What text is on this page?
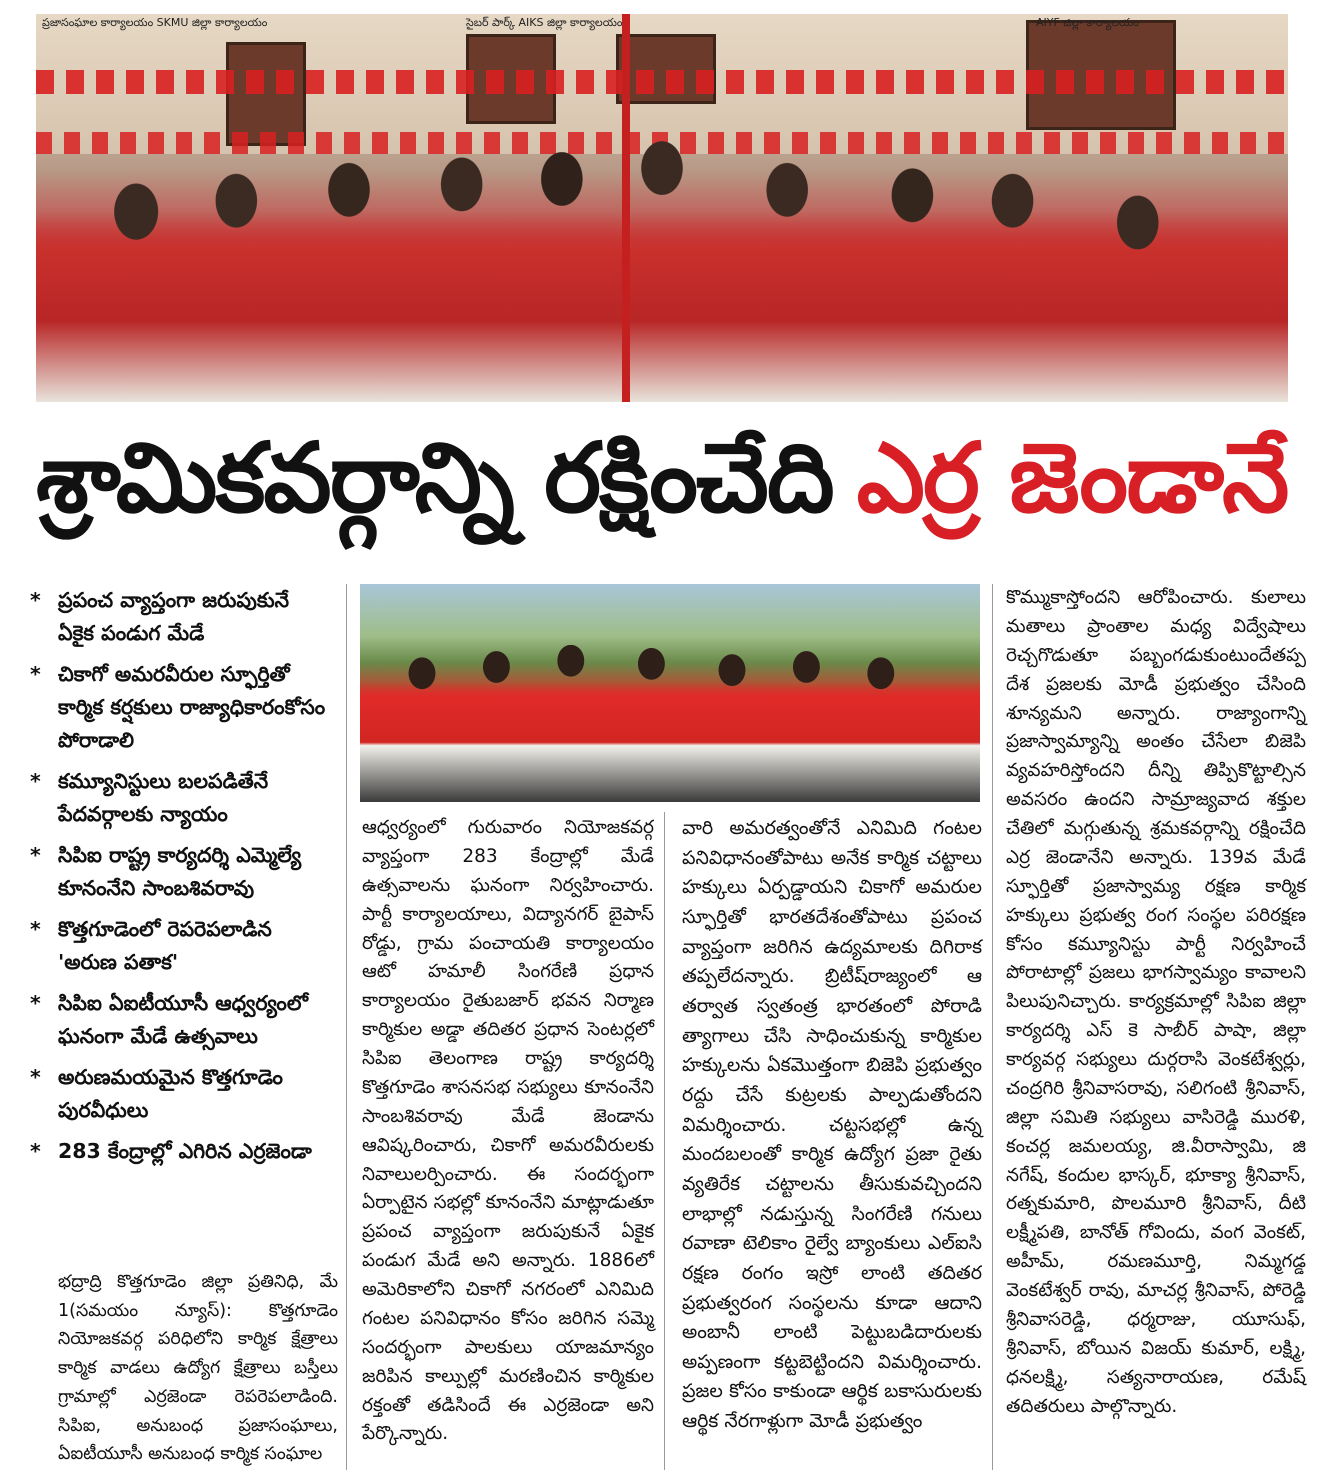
ప్రజాసంఘాల కార్యాలయం SKMU జిల్లా కార్యాలయం	సైబర్ పార్క్ AIKS జిల్లా కార్యాలయం	AIYF జిల్లా కార్యాలయం
శ్రామికవర్గాన్ని రక్షించేది ఎర్ర జెండానే
* ప్రపంచ వ్యాప్తంగా జరుపుకునే ఏకైక పండుగ మేడే
* చికాగో అమరవీరుల స్ఫూర్తితో కార్మిక కర్షకులు రాజ్యాధికారంకోసం పోరాడాలి
* కమ్యూనిస్టులు బలపడితేనే పేదవర్గాలకు న్యాయం
* సిపిఐ రాష్ట్ర కార్యదర్శి ఎమ్మెల్యే కూనంనేని సాంబశివరావు
* కొత్తగూడెంలో రెపరెపలాడిన 'అరుణ పతాక'
* సిపిఐ ఏఐటీయూసీ ఆధ్వర్యంలో ఘనంగా మేడే ఉత్సవాలు
* అరుణమయమైన కొత్తగూడెం పురవీధులు
* 283 కేంద్రాల్లో ఎగిరిన ఎర్రజెండా

భద్రాద్రి కొత్తగూడెం జిల్లా ప్రతినిధి, మే 1(సమయం న్యూస్): కొత్తగూడెం నియోజకవర్గ పరిధిలోని కార్మిక క్షేత్రాలు కార్మిక వాడలు ఉద్యోగ క్షేత్రాలు బస్తీలు గ్రామాల్లో ఎర్రజెండా రెపరెపలాడింది. సిపిఐ, అనుబంధ ప్రజాసంఘాలు, ఏఐటీయూసీ అనుబంధ కార్మిక సంఘాల

ఆధ్వర్యంలో గురువారం నియోజకవర్గ వ్యాప్తంగా 283 కేంద్రాల్లో మేడే ఉత్సవాలను ఘనంగా నిర్వహించారు. పార్టీ కార్యాలయాలు, విద్యానగర్ బైపాస్ రోడ్డు, గ్రామ పంచాయతి కార్యాలయం ఆటో హమాలీ సింగరేణి ప్రధాన కార్యాలయం రైతుబజార్ భవన నిర్మాణ కార్మికుల అడ్డా తదితర ప్రధాన సెంటర్లలో సిపిఐ తెలంగాణ రాష్ట్ర కార్యదర్శి కొత్తగూడెం శాసనసభ సభ్యులు కూనంనేని సాంబశివరావు మేడే జెండాను ఆవిష్కరించారు, చికాగో అమరవీరులకు నివాలులర్పించారు. ఈ సందర్భంగా ఏర్పాటైన సభల్లో కూనంనేని మాట్లాడుతూ ప్రపంచ వ్యాప్తంగా జరుపుకునే ఏకైక పండుగ మేడే అని అన్నారు. 1886లో అమెరికాలోని చికాగో నగరంలో ఎనిమిది గంటల పనివిధానం కోసం జరిగిన సమ్మె సందర్భంగా పాలకులు యాజమాన్యం జరిపిన కాల్పుల్లో మరణించిన కార్మికుల రక్తంతో తడిసిందే ఈ ఎర్రజెండా అని పేర్కొన్నారు.

వారి అమరత్వంతోనే ఎనిమిది గంటల పనివిధానంతోపాటు అనేక కార్మిక చట్టాలు హక్కులు ఏర్పడ్డాయని చికాగో అమరుల స్ఫూర్తితో భారతదేశంతోపాటు ప్రపంచ వ్యాప్తంగా జరిగిన ఉద్యమాలకు దిగిరాక తప్పలేదన్నారు. బ్రిటీష్‌రాజ్యంలో ఆ తర్వాత స్వతంత్ర భారతంలో పోరాడి త్యాగాలు చేసి సాధించుకున్న కార్మికుల హక్కులను ఏకమొత్తంగా బిజెపి ప్రభుత్వం రద్దు చేసే కుట్రలకు పాల్పడుతోందని విమర్శించారు. చట్టసభల్లో ఉన్న మందబలంతో కార్మిక ఉద్యోగ ప్రజా రైతు వ్యతిరేక చట్టాలను తీసుకువచ్చిందని లాభాల్లో నడుస్తున్న సింగరేణి గనులు రవాణా టెలికాం రైల్వే బ్యాంకులు ఎల్ఐసి రక్షణ రంగం ఇస్రో లాంటి తదితర ప్రభుత్వరంగ సంస్థలను కూడా ఆదాని అంబానీ లాంటి పెట్టుబడిదారులకు అప్పణంగా కట్టబెట్టిందని విమర్శించారు. ప్రజల కోసం కాకుండా ఆర్థిక బకాసురులకు ఆర్థిక నేరగాళ్లుగా మోడీ ప్రభుత్వం

కొమ్ముకాస్తోందని ఆరోపించారు. కులాలు మతాలు ప్రాంతాల మధ్య విద్వేషాలు రెచ్చగొడుతూ పబ్బంగడుకుంటుందేతప్ప దేశ ప్రజలకు మోడీ ప్రభుత్వం చేసింది శూన్యమని అన్నారు. రాజ్యాంగాన్ని ప్రజాస్వామ్యాన్ని అంతం చేసేలా బిజెపి వ్యవహరిస్తోందని దీన్ని తిప్పికొట్టాల్సిన అవసరం ఉందని సామ్రాజ్యవాద శక్తుల చేతిలో మగ్గుతున్న శ్రమకవర్గాన్ని రక్షించేది ఎర్ర జెండానేని అన్నారు. 139వ మేడే స్ఫూర్తితో ప్రజాస్వామ్య రక్షణ కార్మిక హక్కులు ప్రభుత్వ రంగ సంస్థల పరిరక్షణ కోసం కమ్యూనిస్టు పార్టీ నిర్వహించే పోరాటాల్లో ప్రజలు భాగస్వామ్యం కావాలని పిలుపునిచ్చారు. కార్యక్రమాల్లో సిపిఐ జిల్లా కార్యదర్శి ఎస్ కె సాబీర్ పాషా, జిల్లా కార్యవర్గ సభ్యులు దుర్గరాసి వెంకటేశ్వర్లు, చంద్రగిరి శ్రీనివాసరావు, సలిగంటి శ్రీనివాస్, జిల్లా సమితి సభ్యులు వాసిరెడ్డి మురళి, కంచర్ల జమలయ్య, జి.వీరాస్వామి, జి నగేష్, కందుల భాస్కర్, భూక్యా శ్రీనివాస్, రత్నకుమారి, పొలమూరి శ్రీనివాస్, దీటి లక్ష్మీపతి, బానోత్ గోవిందు, వంగ వెంకట్, అహీమ్, రమణమూర్తి, నిమ్మగడ్డ వెంకటేశ్వర్ రావు, మాచర్ల శ్రీనివాస్, పోరెడ్డి శ్రీనివాసరెడ్డి, ధర్మరాజు, యూసుఫ్, శ్రీనివాస్, బోయిన విజయ్ కుమార్, లక్ష్మి, ధనలక్ష్మి, సత్యనారాయణ, రమేష్ తదితరులు పాల్గొన్నారు.
